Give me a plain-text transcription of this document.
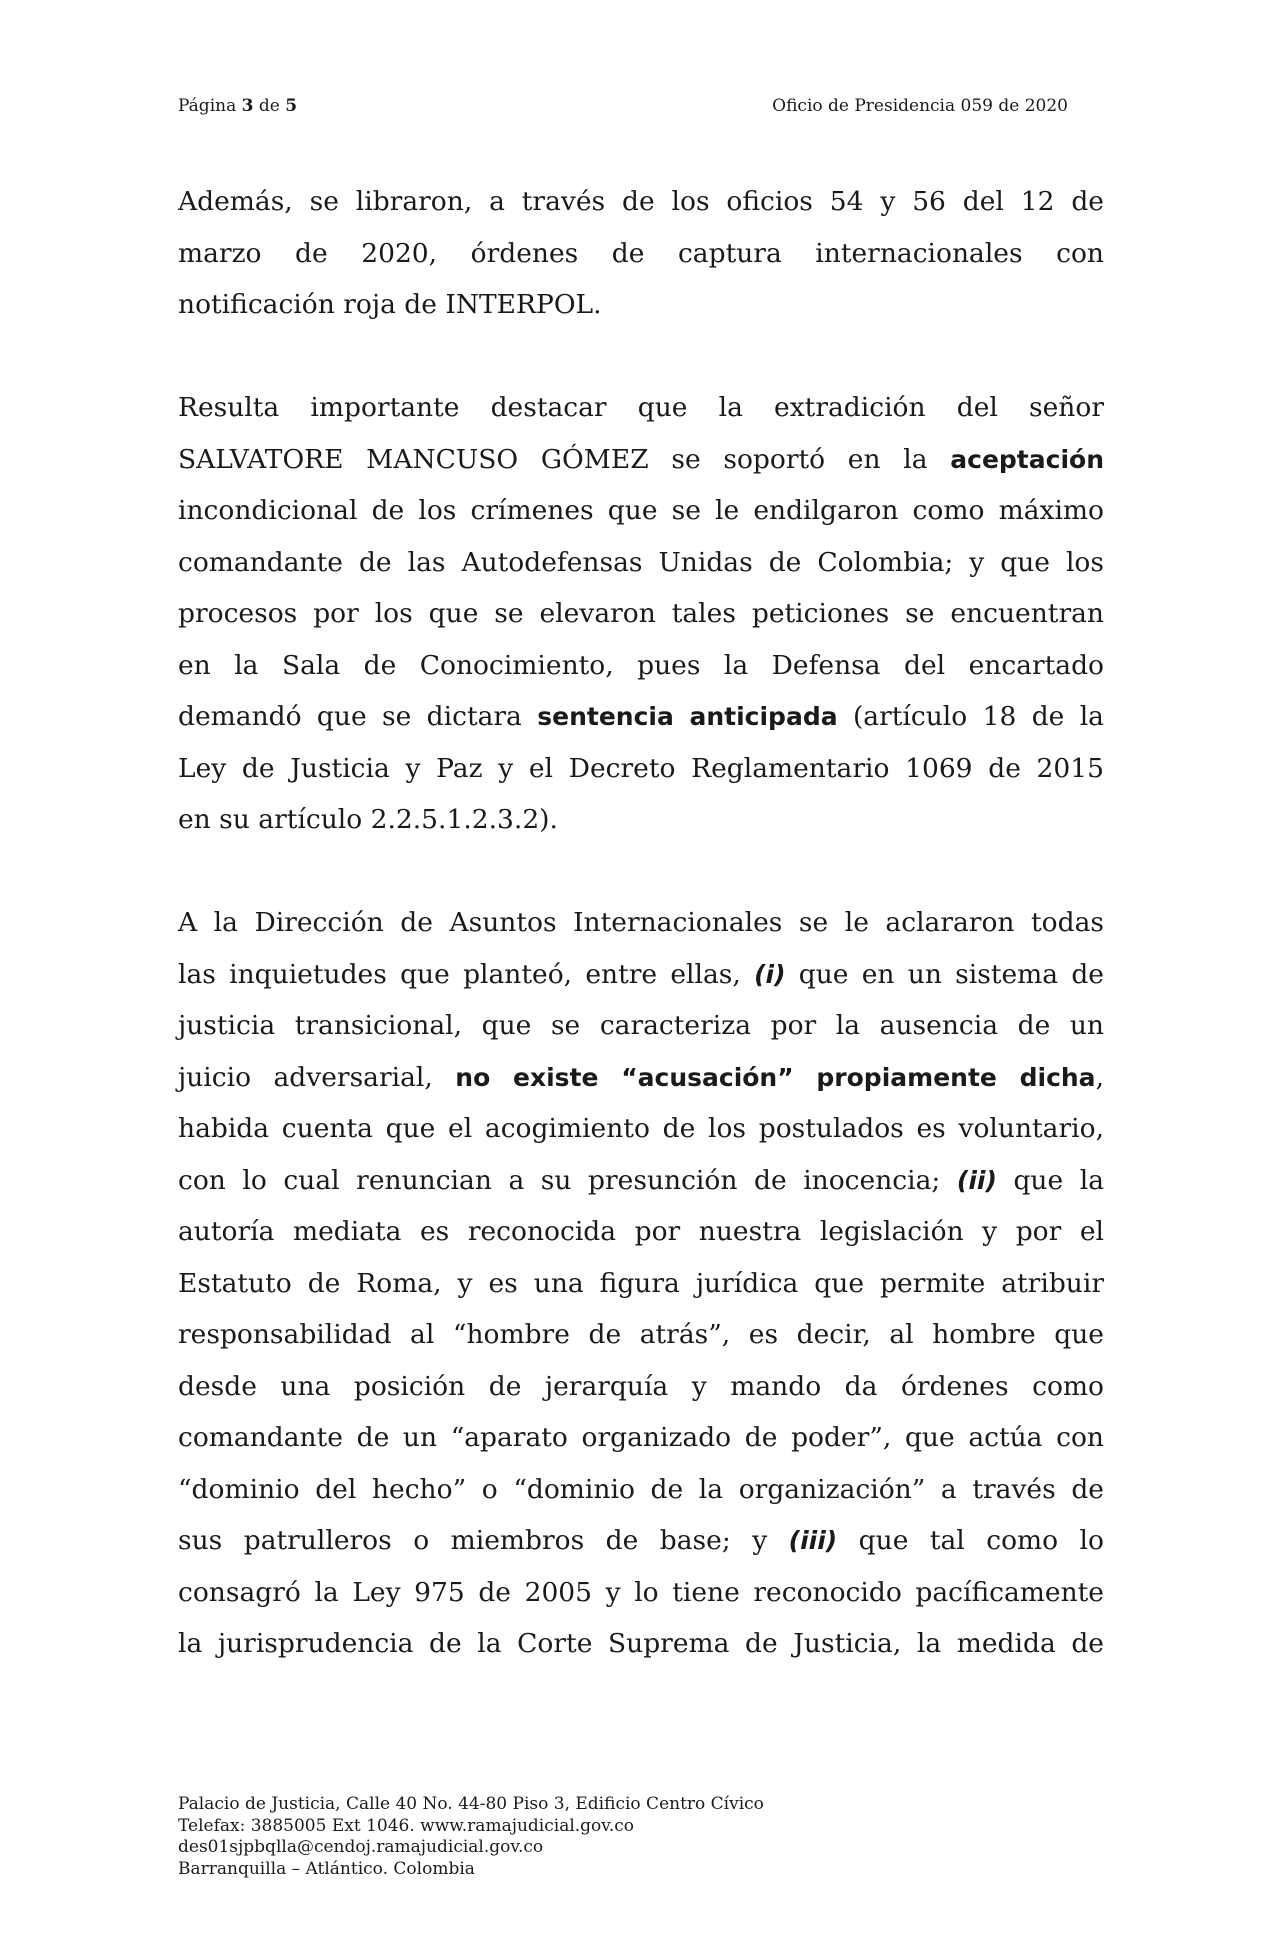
Página 3 de 5	Oficio de Presidencia 059 de 2020
Además, se libraron, a través de los oficios 54 y 56 del 12 de
marzo de 2020, órdenes de captura internacionales con
notificación roja de INTERPOL.
Resulta importante destacar que la extradición del señor
SALVATORE MANCUSO GÓMEZ se soportó en la aceptación
incondicional de los crímenes que se le endilgaron como máximo
comandante de las Autodefensas Unidas de Colombia; y que los
procesos por los que se elevaron tales peticiones se encuentran
en la Sala de Conocimiento, pues la Defensa del encartado
demandó que se dictara sentencia anticipada (artículo 18 de la
Ley de Justicia y Paz y el Decreto Reglamentario 1069 de 2015
en su artículo 2.2.5.1.2.3.2).
A la Dirección de Asuntos Internacionales se le aclararon todas
las inquietudes que planteó, entre ellas, (i) que en un sistema de
justicia transicional, que se caracteriza por la ausencia de un
juicio adversarial, no existe “acusación” propiamente dicha,
habida cuenta que el acogimiento de los postulados es voluntario,
con lo cual renuncian a su presunción de inocencia; (ii) que la
autoría mediata es reconocida por nuestra legislación y por el
Estatuto de Roma, y es una figura jurídica que permite atribuir
responsabilidad al “hombre de atrás”, es decir, al hombre que
desde una posición de jerarquía y mando da órdenes como
comandante de un “aparato organizado de poder”, que actúa con
“dominio del hecho” o “dominio de la organización” a través de
sus patrulleros o miembros de base; y (iii) que tal como lo
consagró la Ley 975 de 2005 y lo tiene reconocido pacíficamente
la jurisprudencia de la Corte Suprema de Justicia, la medida de
Palacio de Justicia, Calle 40 No. 44-80 Piso 3, Edificio Centro Cívico
Telefax: 3885005 Ext 1046. www.ramajudicial.gov.co
des01sjpbqlla@cendoj.ramajudicial.gov.co
Barranquilla – Atlántico. Colombia
